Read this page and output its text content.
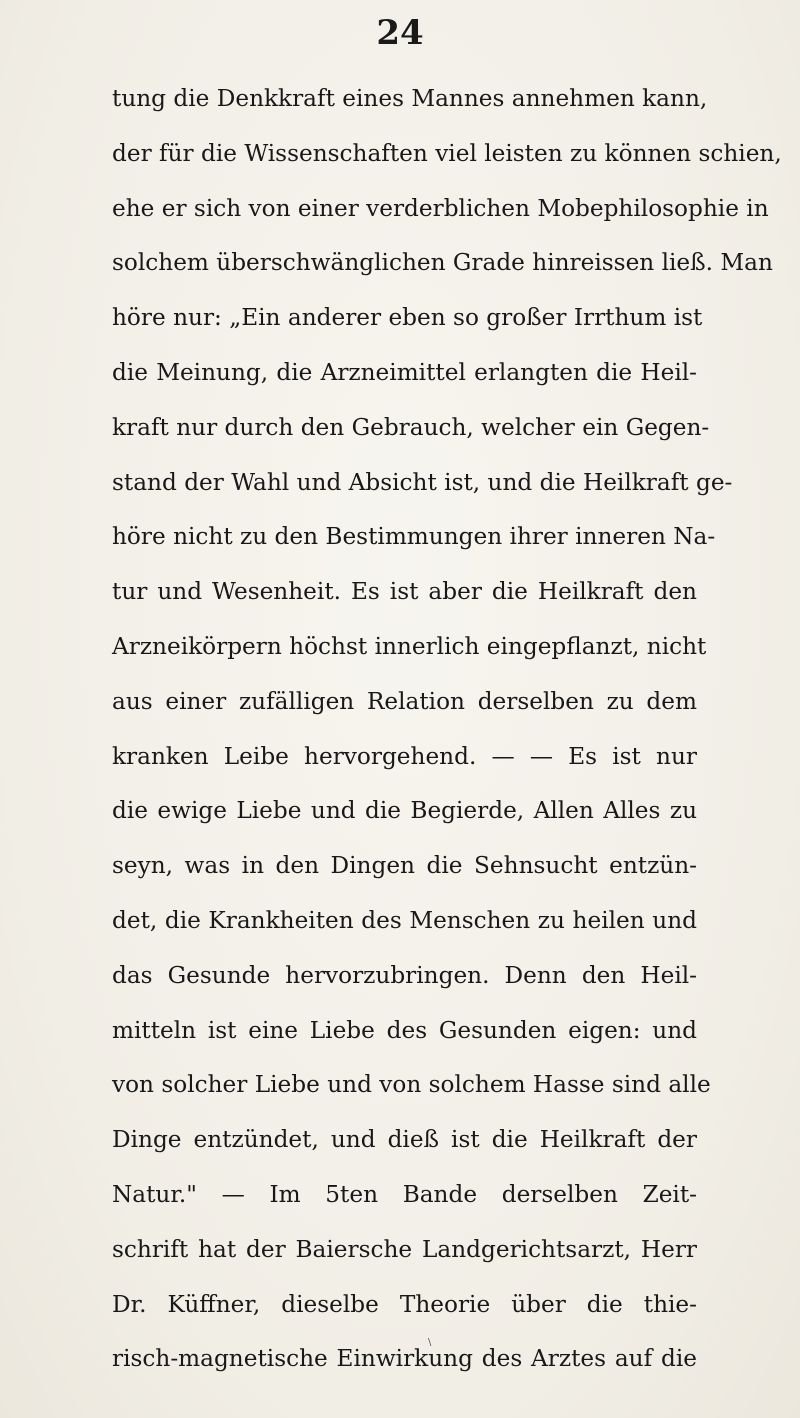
24
tung die Denkkraft eines Mannes annehmen kann,
der für die Wissenschaften viel leisten zu können schien,
ehe er sich von einer verderblichen Mobephilosophie in
solchem überschwänglichen Grade hinreissen ließ. Man
höre nur: „Ein anderer eben so großer Irrthum ist
die Meinung, die Arzneimittel erlangten die Heil-
kraft nur durch den Gebrauch, welcher ein Gegen-
stand der Wahl und Absicht ist, und die Heilkraft ge-
höre nicht zu den Bestimmungen ihrer inneren Na-
tur und Wesenheit. Es ist aber die Heilkraft den
Arzneikörpern höchst innerlich eingepflanzt, nicht
aus einer zufälligen Relation derselben zu dem
kranken Leibe hervorgehend. — — Es ist nur
die ewige Liebe und die Begierde, Allen Alles zu
seyn, was in den Dingen die Sehnsucht entzün-
det, die Krankheiten des Menschen zu heilen und
das Gesunde hervorzubringen. Denn den Heil-
mitteln ist eine Liebe des Gesunden eigen: und
von solcher Liebe und von solchem Hasse sind alle
Dinge entzündet, und dieß ist die Heilkraft der
Natur." — Im 5ten Bande derselben Zeit-
schrift hat der Baiersche Landgerichtsarzt, Herr
Dr. Küffner, dieselbe Theorie über die thie-
risch-magnetische Einwirkung des Arztes auf die
\
